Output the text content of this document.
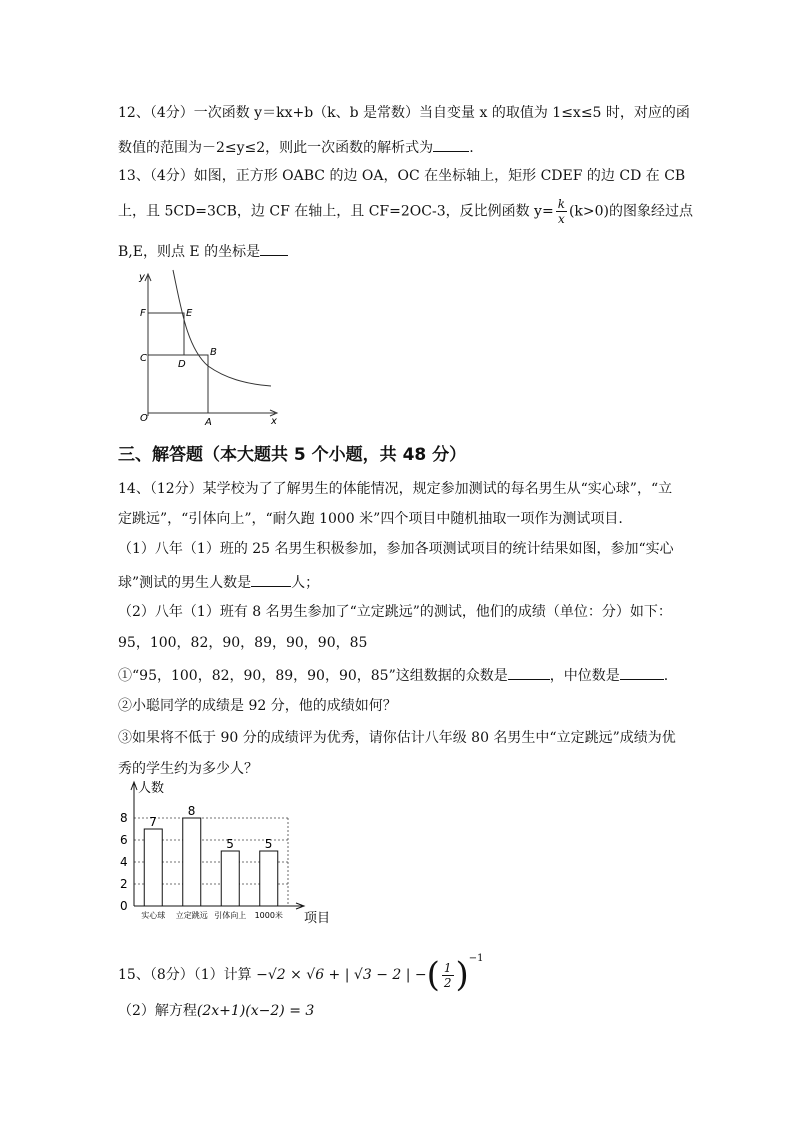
12、（4分）一次函数 y＝kx+b（k、b 是常数）当自变量 x 的取值为 1≤x≤5 时，对应的函
数值的范围为－2≤y≤2，则此一次函数的解析式为	.
13、（4分）如图，正方形 OABC 的边 OA，OC 在坐标轴上，矩形 CDEF 的边 CD 在 CB
上，且 5CD=3CB，边 CF 在轴上，且 CF=2OC-3，反比例函数 $y= \frac{k}{x} (k>0)$的图象经过点
B,E，则点 E 的坐标是
y
x
O	A
B
C
D
E
F
三、解答题（本大题共 5 个小题，共 48 分）
14、（12分）某学校为了了解男生的体能情况，规定参加测试的每名男生从“实心球”，“立
定跳远”，“引体向上”，“耐久跑 1000 米”四个项目中随机抽取一项作为测试项目.
（1）八年（1）班的 25 名男生积极参加，参加各项测试项目的统计结果如图，参加“实心
球”测试的男生人数是	人；
（2）八年（1）班有 8 名男生参加了“立定跳远”的测试，他们的成绩（单位：分）如下：
95，100，82，90，89，90，90，85
①“95，100，82，90，89，90，90，85”这组数据的众数是	，中位数是	.
②小聪同学的成绩是 92 分，他的成绩如何？
③如果将不低于 90 分的成绩评为优秀，请你估计八年级 80 名男生中“立定跳远”成绩为优
秀的学生约为多少人？
0
2
4
6
8
人数
项目
7
实心球
8
立定跳远
5
引体向上
5
1000米
15、（8分）（1）计算 −√2 × √6 + | √3 − 2 | −( $\frac{1}{2} )^{-1}$
（2）解方程(2x+1)(x−2) = 3
